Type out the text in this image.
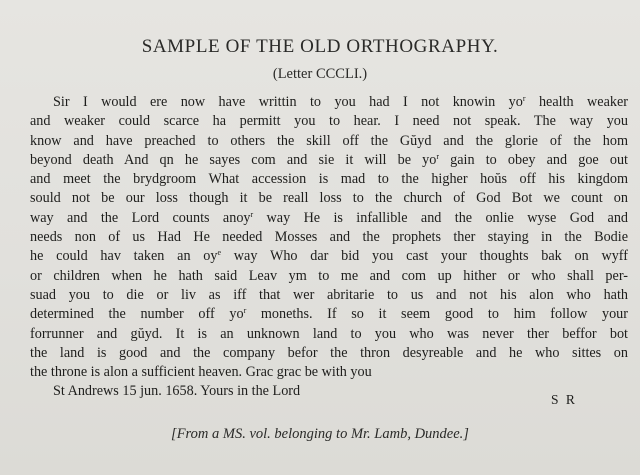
SAMPLE OF THE OLD ORTHOGRAPHY.
(Letter CCCLI.)
Sir I would ere now have writtin to you had I not knowin $yo^r$ health weaker
and weaker could scarce ha permitt you to hear. I need not speak. The way you
know and have preached to others the skill off the Gŭyd and the glorie of the hom
beyond death And qn he sayes com and sie it will be $yo^r$ gain to obey and goe out
and meet the brydgroom What accession is mad to the higher hoŭs off his kingdom
sould not be our loss though it be reall loss to the church of God Bot we count on
way and the Lord counts anoy$^r$ way He is infallible and the onlie wyse God and
needs non of us Had He needed Mosses and the prophets ther staying in the Bodie
he could hav taken an $oy^e$ way Who dar bid you cast your thoughts bak on wyff
or children when he hath said Leav ym to me and com up hither or who shall per-
suad you to die or liv as iff that wer abritarie to us and not his alon who hath
determined the number off $yo^r$ moneths. If so it seem good to him follow your
forrunner and gŭyd. It is an unknown land to you who was never ther beffor bot
the land is good and the company befor the thron desyreable and he who sittes on
the throne is alon a sufficient heaven. Grac grac be with you
St Andrews 15 jun. 1658. Yours in the Lord
S R
[From a MS. vol. belonging to Mr. Lamb, Dundee.]
